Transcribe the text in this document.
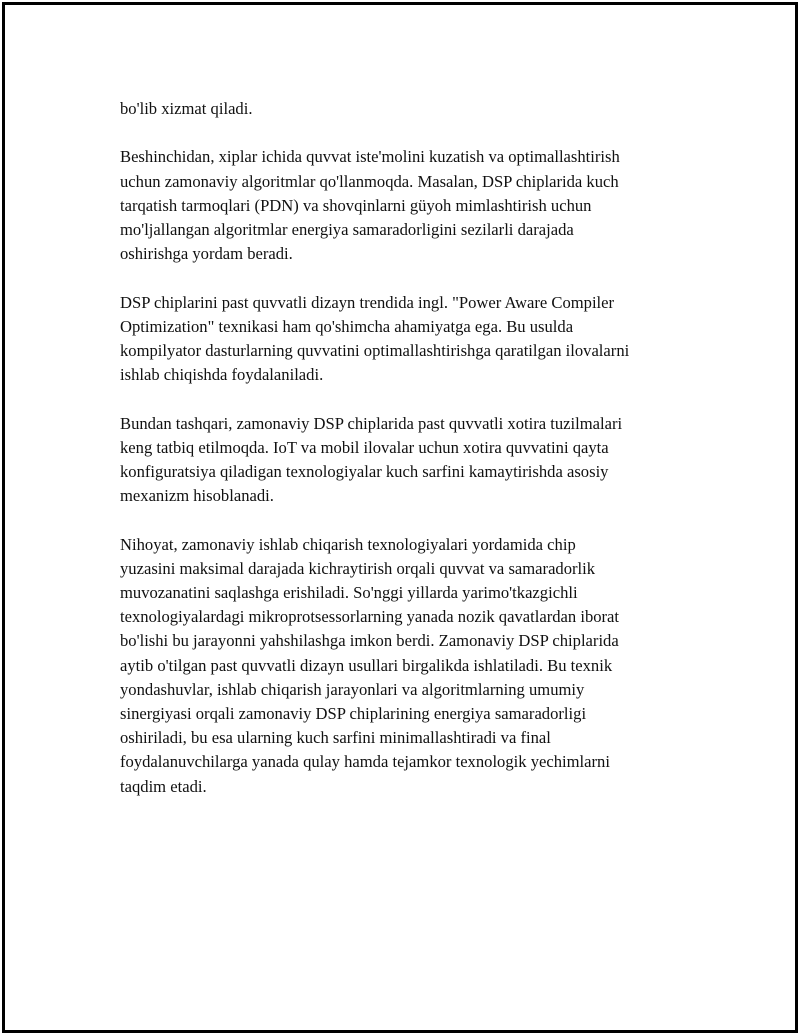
bo'lib xizmat qiladi.

Beshinchidan, xiplar ichida quvvat iste'molini kuzatish va optimallashtirish
uchun zamonaviy algoritmlar qo'llanmoqda. Masalan, DSP chiplarida kuch
tarqatish tarmoqlari (PDN) va shovqinlarni güyoh mimlashtirish uchun
mo'ljallangan algoritmlar energiya samaradorligini sezilarli darajada
oshirishga yordam beradi.

DSP chiplarini past quvvatli dizayn trendida ingl. "Power Aware Compiler
Optimization" texnikasi ham qo'shimcha ahamiyatga ega. Bu usulda
kompilyator dasturlarning quvvatini optimallashtirishga qaratilgan ilovalarni
ishlab chiqishda foydalaniladi.

Bundan tashqari, zamonaviy DSP chiplarida past quvvatli xotira tuzilmalari
keng tatbiq etilmoqda. IoT va mobil ilovalar uchun xotira quvvatini qayta
konfiguratsiya qiladigan texnologiyalar kuch sarfini kamaytirishda asosiy
mexanizm hisoblanadi.

Nihoyat, zamonaviy ishlab chiqarish texnologiyalari yordamida chip
yuzasini maksimal darajada kichraytirish orqali quvvat va samaradorlik
muvozanatini saqlashga erishiladi. So'nggi yillarda yarimo'tkazgichli
texnologiyalardagi mikroprotsessorlarning yanada nozik qavatlardan iborat
bo'lishi bu jarayonni yahshilashga imkon berdi. Zamonaviy DSP chiplarida
aytib o'tilgan past quvvatli dizayn usullari birgalikda ishlatiladi. Bu texnik
yondashuvlar, ishlab chiqarish jarayonlari va algoritmlarning umumiy
sinergiyasi orqali zamonaviy DSP chiplarining energiya samaradorligi
oshiriladi, bu esa ularning kuch sarfini minimallashtiradi va final
foydalanuvchilarga yanada qulay hamda tejamkor texnologik yechimlarni
taqdim etadi.
